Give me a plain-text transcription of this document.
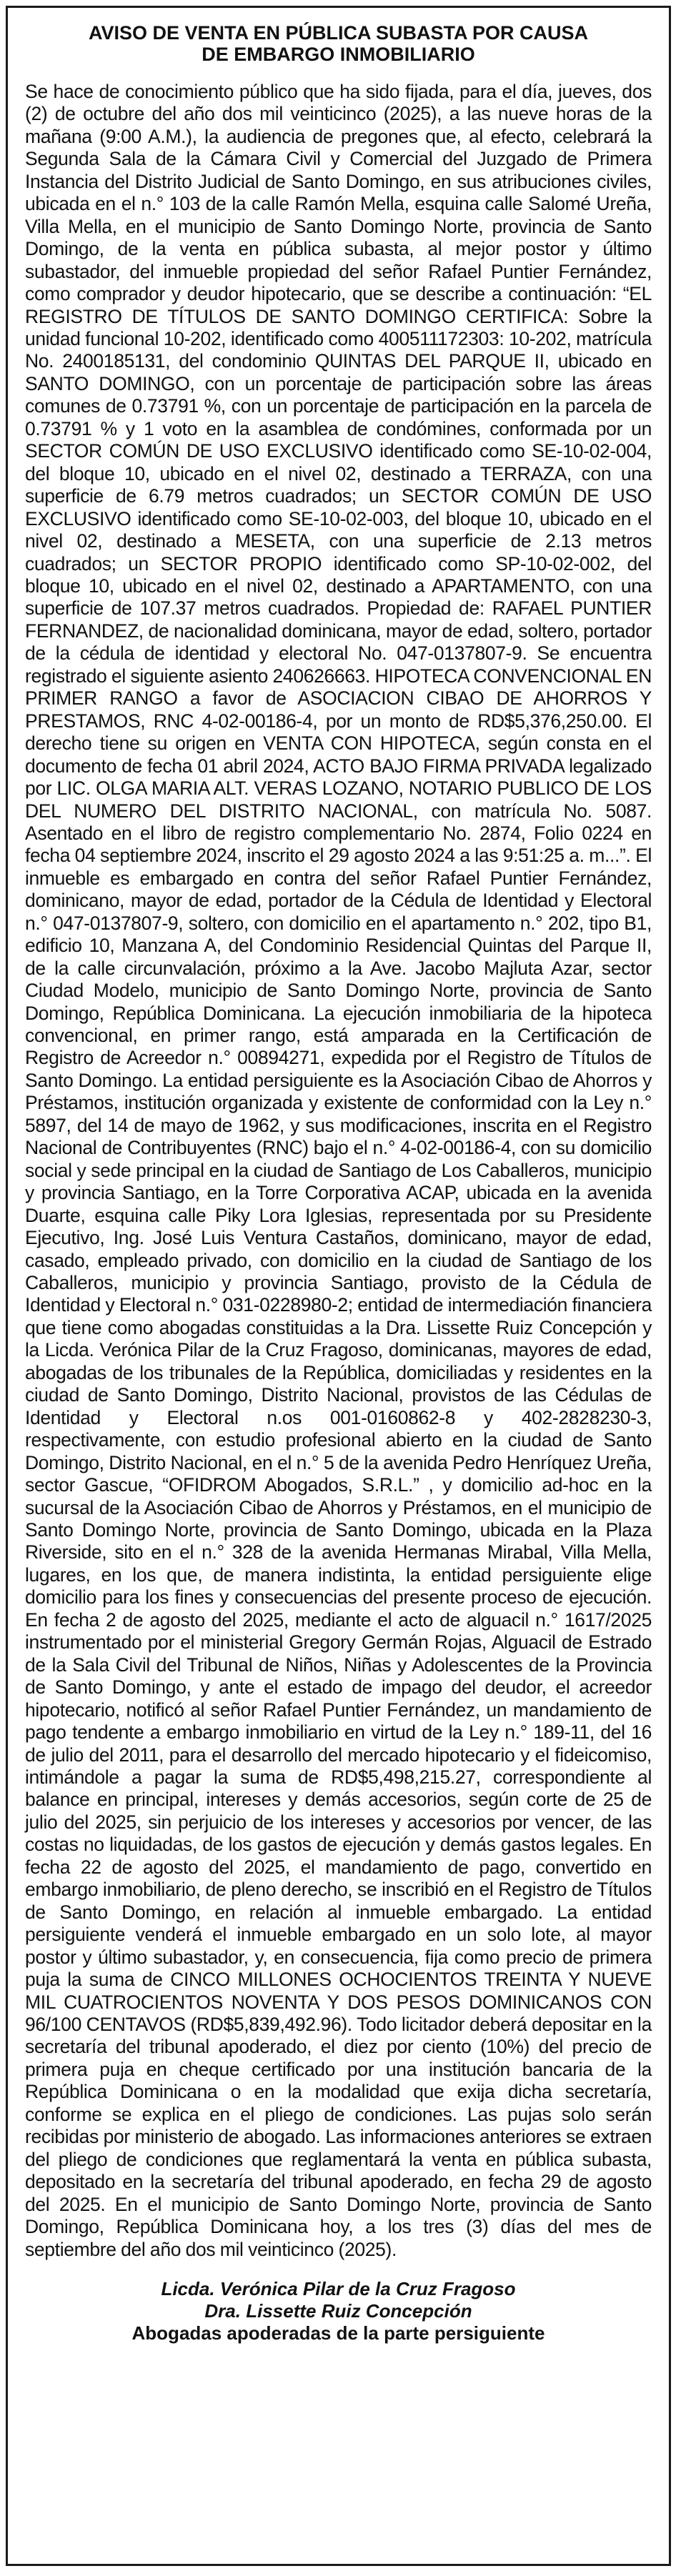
AVISO DE VENTA EN PÚBLICA SUBASTA POR CAUSA
DE EMBARGO INMOBILIARIO

Se hace de conocimiento público que ha sido fijada, para el día, jueves, dos (2) de octubre del año dos mil veinticinco (2025), a las nueve horas de la mañana (9:00 A.M.), la audiencia de pregones que, al efecto, celebrará la Segunda Sala de la Cámara Civil y Comercial del Juzgado de Primera Instancia del Distrito Judicial de Santo Domingo, en sus atribuciones civiles, ubicada en el n.° 103 de la calle Ramón Mella, esquina calle Salomé Ureña, Villa Mella, en el municipio de Santo Domingo Norte, provincia de Santo Domingo, de la venta en pública subasta, al mejor postor y último subastador, del inmueble propiedad del señor Rafael Puntier Fernández, como comprador y deudor hipotecario, que se describe a continuación: “EL REGISTRO DE TÍTULOS DE SANTO DOMINGO CERTIFICA: Sobre la unidad funcional 10-202, identificado como 400511172303: 10-202, matrícula No. 2400185131, del condominio QUINTAS DEL PARQUE II, ubicado en SANTO DOMINGO, con un porcentaje de participación sobre las áreas comunes de 0.73791 %, con un porcentaje de participación en la parcela de 0.73791 % y 1 voto en la asamblea de condómines, conformada por un SECTOR COMÚN DE USO EXCLUSIVO identificado como SE-10-02-004, del bloque 10, ubicado en el nivel 02, destinado a TERRAZA, con una superficie de 6.79 metros cuadrados; un SECTOR COMÚN DE USO EXCLUSIVO identificado como SE-10-02-003, del bloque 10, ubicado en el nivel 02, destinado a MESETA, con una superficie de 2.13 metros cuadrados; un SECTOR PROPIO identificado como SP-10-02-002, del bloque 10, ubicado en el nivel 02, destinado a APARTAMENTO, con una superficie de 107.37 metros cuadrados. Propiedad de: RAFAEL PUNTIER FERNANDEZ, de nacionalidad dominicana, mayor de edad, soltero, portador de la cédula de identidad y electoral No. 047-0137807-9. Se encuentra registrado el siguiente asiento 240626663. HIPOTECA CONVENCIONAL EN PRIMER RANGO a favor de ASOCIACION CIBAO DE AHORROS Y PRESTAMOS, RNC 4-02-00186-4, por un monto de RD$5,376,250.00. El derecho tiene su origen en VENTA CON HIPOTECA, según consta en el documento de fecha 01 abril 2024, ACTO BAJO FIRMA PRIVADA legalizado por LIC. OLGA MARIA ALT. VERAS LOZANO, NOTARIO PUBLICO DE LOS DEL NUMERO DEL DISTRITO NACIONAL, con matrícula No. 5087. Asentado en el libro de registro complementario No. 2874, Folio 0224 en fecha 04 septiembre 2024, inscrito el 29 agosto 2024 a las 9:51:25 a. m...”. El inmueble es embargado en contra del señor Rafael Puntier Fernández, dominicano, mayor de edad, portador de la Cédula de Identidad y Electoral n.° 047-0137807-9, soltero, con domicilio en el apartamento n.° 202, tipo B1, edificio 10, Manzana A, del Condominio Residencial Quintas del Parque II, de la calle circunvalación, próximo a la Ave. Jacobo Majluta Azar, sector Ciudad Modelo, municipio de Santo Domingo Norte, provincia de Santo Domingo, República Dominicana. La ejecución inmobiliaria de la hipoteca convencional, en primer rango, está amparada en la Certificación de Registro de Acreedor n.° 00894271, expedida por el Registro de Títulos de Santo Domingo. La entidad persiguiente es la Asociación Cibao de Ahorros y Préstamos, institución organizada y existente de conformidad con la Ley n.° 5897, del 14 de mayo de 1962, y sus modificaciones, inscrita en el Registro Nacional de Contribuyentes (RNC) bajo el n.° 4-02-00186-4, con su domicilio social y sede principal en la ciudad de Santiago de Los Caballeros, municipio y provincia Santiago, en la Torre Corporativa ACAP, ubicada en la avenida Duarte, esquina calle Piky Lora Iglesias, representada por su Presidente Ejecutivo, Ing. José Luis Ventura Castaños, dominicano, mayor de edad, casado, empleado privado, con domicilio en la ciudad de Santiago de los Caballeros, municipio y provincia Santiago, provisto de la Cédula de Identidad y Electoral n.° 031-0228980-2; entidad de intermediación financiera que tiene como abogadas constituidas a la Dra. Lissette Ruiz Concepción y la Licda. Verónica Pilar de la Cruz Fragoso, dominicanas, mayores de edad, abogadas de los tribunales de la República, domiciliadas y residentes en la ciudad de Santo Domingo, Distrito Nacional, provistos de las Cédulas de Identidad y Electoral n.os 001-0160862-8 y 402-2828230-3, respectivamente, con estudio profesional abierto en la ciudad de Santo Domingo, Distrito Nacional, en el n.° 5 de la avenida Pedro Henríquez Ureña, sector Gascue, “OFIDROM Abogados, S.R.L.” , y domicilio ad-hoc en la sucursal de la Asociación Cibao de Ahorros y Préstamos, en el municipio de Santo Domingo Norte, provincia de Santo Domingo, ubicada en la Plaza Riverside, sito en el n.° 328 de la avenida Hermanas Mirabal, Villa Mella, lugares, en los que, de manera indistinta, la entidad persiguiente elige domicilio para los fines y consecuencias del presente proceso de ejecución. En fecha 2 de agosto del 2025, mediante el acto de alguacil n.° 1617/2025 instrumentado por el ministerial Gregory Germán Rojas, Alguacil de Estrado de la Sala Civil del Tribunal de Niños, Niñas y Adolescentes de la Provincia de Santo Domingo, y ante el estado de impago del deudor, el acreedor hipotecario, notificó al señor Rafael Puntier Fernández, un mandamiento de pago tendente a embargo inmobiliario en virtud de la Ley n.° 189-11, del 16 de julio del 2011, para el desarrollo del mercado hipotecario y el fideicomiso, intimándole a pagar la suma de RD$5,498,215.27, correspondiente al balance en principal, intereses y demás accesorios, según corte de 25 de julio del 2025, sin perjuicio de los intereses y accesorios por vencer, de las costas no liquidadas, de los gastos de ejecución y demás gastos legales. En fecha 22 de agosto del 2025, el mandamiento de pago, convertido en embargo inmobiliario, de pleno derecho, se inscribió en el Registro de Títulos de Santo Domingo, en relación al inmueble embargado. La entidad persiguiente venderá el inmueble embargado en un solo lote, al mayor postor y último subastador, y, en consecuencia, fija como precio de primera puja la suma de CINCO MILLONES OCHOCIENTOS TREINTA Y NUEVE MIL CUATROCIENTOS NOVENTA Y DOS PESOS DOMINICANOS CON 96/100 CENTAVOS (RD$5,839,492.96). Todo licitador deberá depositar en la secretaría del tribunal apoderado, el diez por ciento (10%) del precio de primera puja en cheque certificado por una institución bancaria de la República Dominicana o en la modalidad que exija dicha secretaría, conforme se explica en el pliego de condiciones. Las pujas solo serán recibidas por ministerio de abogado. Las informaciones anteriores se extraen del pliego de condiciones que reglamentará la venta en pública subasta, depositado en la secretaría del tribunal apoderado, en fecha 29 de agosto del 2025. En el municipio de Santo Domingo Norte, provincia de Santo Domingo, República Dominicana hoy, a los tres (3) días del mes de septiembre del año dos mil veinticinco (2025).

Licda. Verónica Pilar de la Cruz Fragoso
Dra. Lissette Ruiz Concepción
Abogadas apoderadas de la parte persiguiente
